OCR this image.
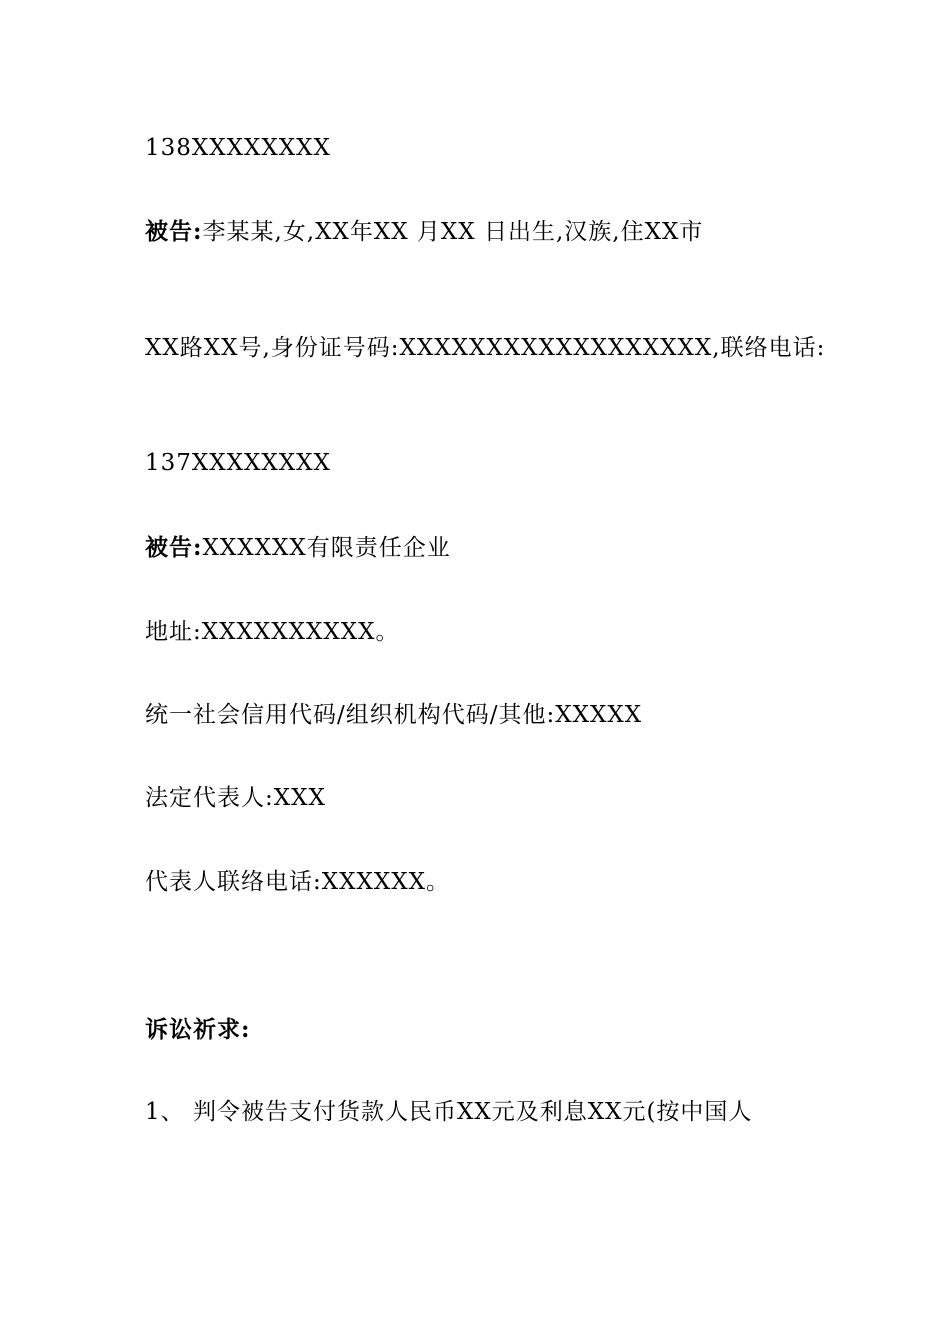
138XXXXXXXX
被告:李某某,女,XX年XX 月XX 日出生,汉族,住XX市
XX路XX号,身份证号码:XXXXXXXXXXXXXXXXXX,联络电话:
137XXXXXXXX
被告:XXXXXX有限责任企业
地址:XXXXXXXXXX。
统一社会信用代码/组织机构代码/其他:XXXXX
法定代表人:XXX
代表人联络电话:XXXXXX。
诉讼祈求:
1、 判令被告支付货款人民币XX元及利息XX元(按中国人
